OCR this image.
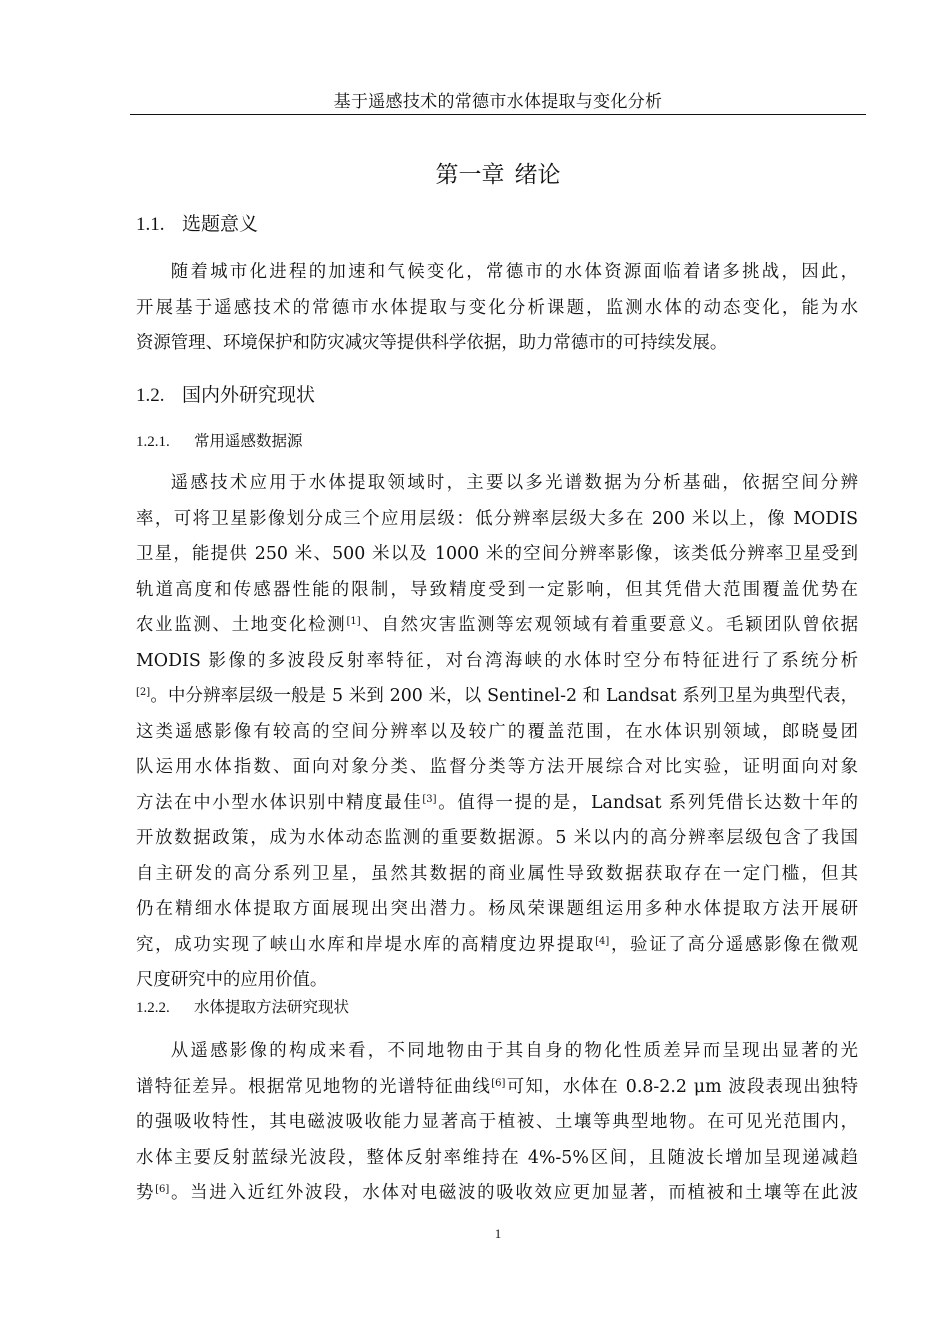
基于遥感技术的常德市水体提取与变化分析
第一章 绪论
1.1. 选题意义

随着城市化进程的加速和气候变化，常德市的水体资源面临着诸多挑战，因此，
开展基于遥感技术的常德市水体提取与变化分析课题，监测水体的动态变化，能为水
资源管理、环境保护和防灾减灾等提供科学依据，助力常德市的可持续发展。

1.2. 国内外研究现状
1.2.1. 常用遥感数据源

遥感技术应用于水体提取领域时，主要以多光谱数据为分析基础，依据空间分辨
率，可将卫星影像划分成三个应用层级：低分辨率层级大多在 200 米以上，像 MODIS
卫星，能提供 250 米、500 米以及 1000 米的空间分辨率影像，该类低分辨率卫星受到
轨道高度和传感器性能的限制，导致精度受到一定影响，但其凭借大范围覆盖优势在
农业监测、土地变化检测[1]、自然灾害监测等宏观领域有着重要意义。毛颖团队曾依据
MODIS 影像的多波段反射率特征，对台湾海峡的水体时空分布特征进行了系统分析
[2]。中分辨率层级一般是 5 米到 200 米，以 Sentinel-2 和 Landsat 系列卫星为典型代表，
这类遥感影像有较高的空间分辨率以及较广的覆盖范围，在水体识别领域，郎晓曼团
队运用水体指数、面向对象分类、监督分类等方法开展综合对比实验，证明面向对象
方法在中小型水体识别中精度最佳[3]。值得一提的是，Landsat 系列凭借长达数十年的
开放数据政策，成为水体动态监测的重要数据源。5 米以内的高分辨率层级包含了我国
自主研发的高分系列卫星，虽然其数据的商业属性导致数据获取存在一定门槛，但其
仍在精细水体提取方面展现出突出潜力。杨凤荣课题组运用多种水体提取方法开展研
究，成功实现了峡山水库和岸堤水库的高精度边界提取[4]，验证了高分遥感影像在微观
尺度研究中的应用价值。

1.2.2. 水体提取方法研究现状

从遥感影像的构成来看，不同地物由于其自身的物化性质差异而呈现出显著的光
谱特征差异。根据常见地物的光谱特征曲线[6]可知，水体在 0.8-2.2 μm 波段表现出独特
的强吸收特性，其电磁波吸收能力显著高于植被、土壤等典型地物。在可见光范围内，
水体主要反射蓝绿光波段，整体反射率维持在 4%-5%区间，且随波长增加呈现递减趋
势[6]。当进入近红外波段，水体对电磁波的吸收效应更加显著，而植被和土壤等在此波

1
